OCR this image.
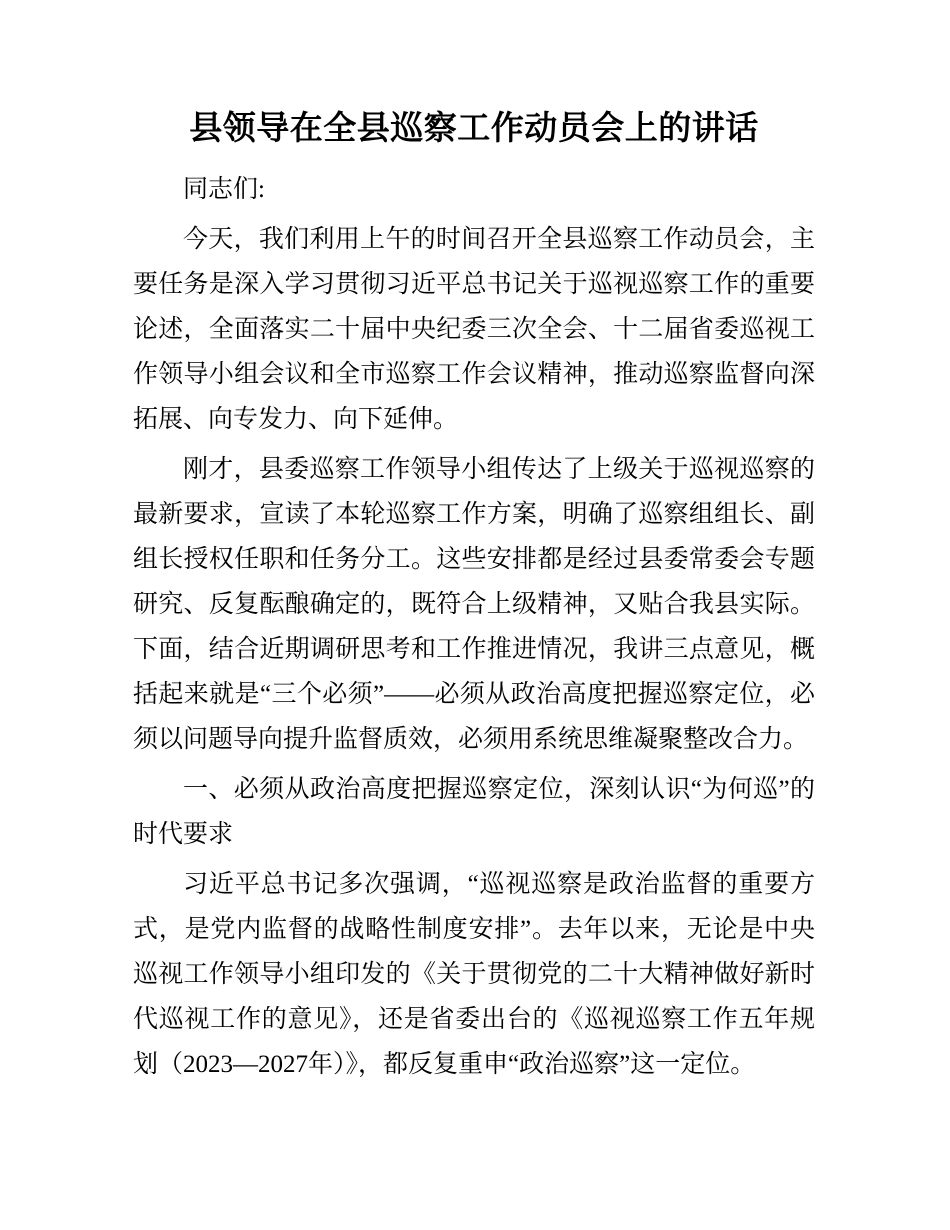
县领导在全县巡察工作动员会上的讲话

同志们:

今天，我们利用上午的时间召开全县巡察工作动员会，主要任务是深入学习贯彻习近平总书记关于巡视巡察工作的重要论述，全面落实二十届中央纪委三次全会、十二届省委巡视工作领导小组会议和全市巡察工作会议精神，推动巡察监督向深拓展、向专发力、向下延伸。

刚才，县委巡察工作领导小组传达了上级关于巡视巡察的最新要求，宣读了本轮巡察工作方案，明确了巡察组组长、副组长授权任职和任务分工。这些安排都是经过县委常委会专题研究、反复酝酿确定的，既符合上级精神，又贴合我县实际。下面，结合近期调研思考和工作推进情况，我讲三点意见，概括起来就是“三个必须”——必须从政治高度把握巡察定位，必须以问题导向提升监督质效，必须用系统思维凝聚整改合力。

一、必须从政治高度把握巡察定位，深刻认识“为何巡”的时代要求

习近平总书记多次强调，“巡视巡察是政治监督的重要方式，是党内监督的战略性制度安排”。去年以来，无论是中央巡视工作领导小组印发的《关于贯彻党的二十大精神做好新时代巡视工作的意见》，还是省委出台的《巡视巡察工作五年规划（2023—2027年）》，都反复重申“政治巡察”这一定位。
